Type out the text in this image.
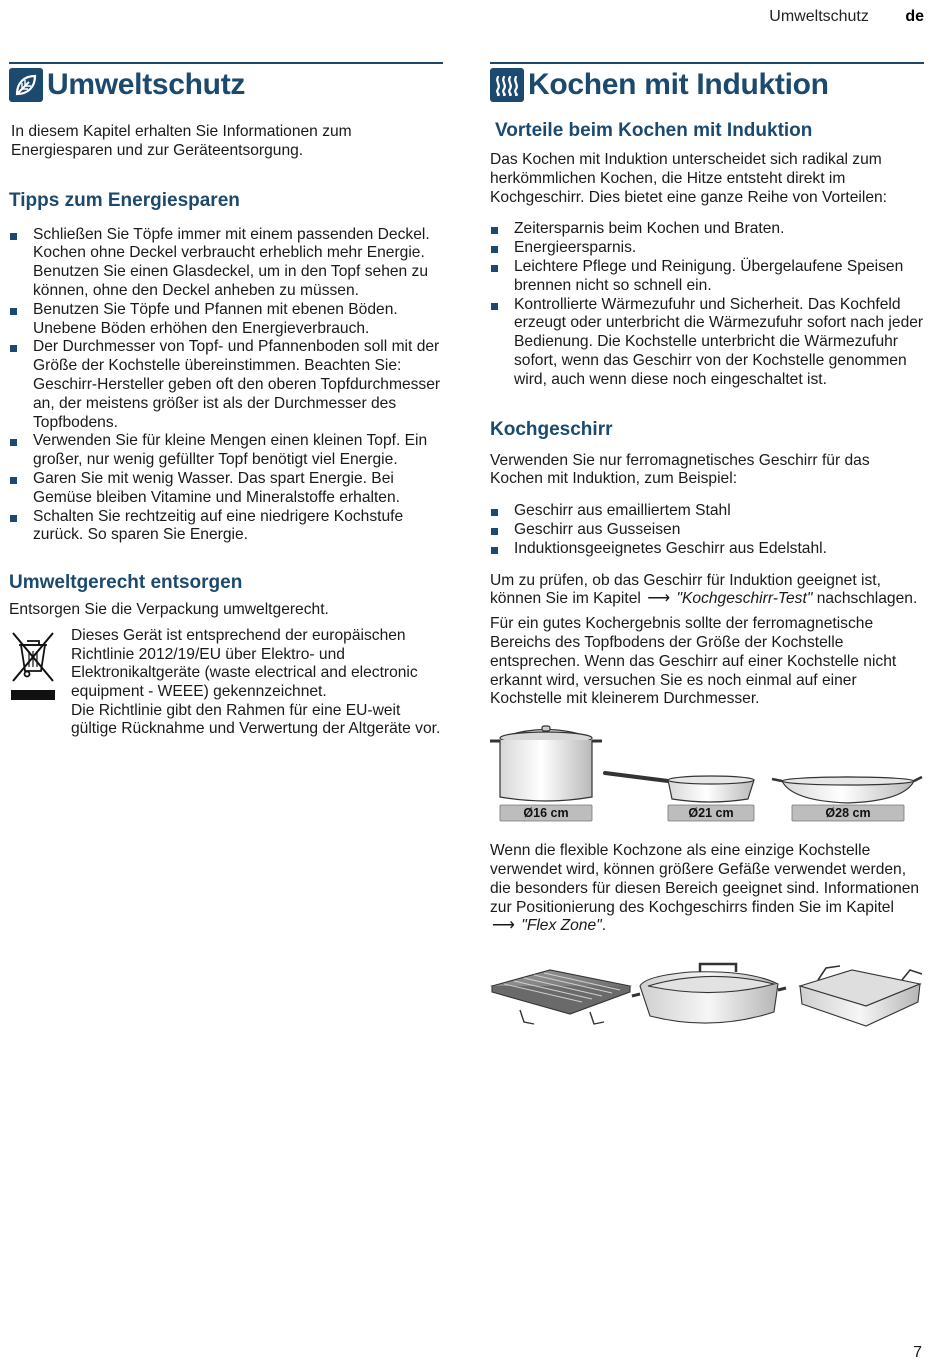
Umweltschutz de
Umweltschutz

In diesem Kapitel erhalten Sie Informationen zum Energiesparen und zur Geräteentsorgung.

Tipps zum Energiesparen
Schließen Sie Töpfe immer mit einem passenden Deckel. Kochen ohne Deckel verbraucht erheblich mehr Energie. Benutzen Sie einen Glasdeckel, um in den Topf sehen zu können, ohne den Deckel anheben zu müssen.
Benutzen Sie Töpfe und Pfannen mit ebenen Böden. Unebene Böden erhöhen den Energieverbrauch.
Der Durchmesser von Topf- und Pfannenboden soll mit der Größe der Kochstelle übereinstimmen. Beachten Sie: Geschirr-Hersteller geben oft den oberen Topfdurchmesser an, der meistens größer ist als der Durchmesser des Topfbodens.
Verwenden Sie für kleine Mengen einen kleinen Topf. Ein großer, nur wenig gefüllter Topf benötigt viel Energie.
Garen Sie mit wenig Wasser. Das spart Energie. Bei Gemüse bleiben Vitamine und Mineralstoffe erhalten.
Schalten Sie rechtzeitig auf eine niedrigere Kochstufe zurück. So sparen Sie Energie.
Umweltgerecht entsorgen

Entsorgen Sie die Verpackung umweltgerecht.

Dieses Gerät ist entsprechend der europäischen Richtlinie 2012/19/EU über Elektro- und Elektronikaltgeräte (waste electrical and electronic equipment - WEEE) gekennzeichnet.

Die Richtlinie gibt den Rahmen für eine EU-weit gültige Rücknahme und Verwertung der Altgeräte vor.

Kochen mit Induktion
Vorteile beim Kochen mit Induktion

Das Kochen mit Induktion unterscheidet sich radikal zum herkömmlichen Kochen, die Hitze entsteht direkt im Kochgeschirr. Dies bietet eine ganze Reihe von Vorteilen:

Zeitersparnis beim Kochen und Braten.
Energieersparnis.
Leichtere Pflege und Reinigung. Übergelaufene Speisen brennen nicht so schnell ein.
Kontrollierte Wärmezufuhr und Sicherheit. Das Kochfeld erzeugt oder unterbricht die Wärmezufuhr sofort nach jeder Bedienung. Die Kochstelle unterbricht die Wärmezufuhr sofort, wenn das Geschirr von der Kochstelle genommen wird, auch wenn diese noch eingeschaltet ist.
Kochgeschirr

Verwenden Sie nur ferromagnetisches Geschirr für das Kochen mit Induktion, zum Beispiel:

Geschirr aus emailliertem Stahl
Geschirr aus Gusseisen
Induktionsgeeignetes Geschirr aus Edelstahl.

Um zu prüfen, ob das Geschirr für Induktion geeignet ist, können Sie im Kapitel ⟶ "Kochgeschirr-Test" nachschlagen.

Für ein gutes Kochergebnis sollte der ferromagnetische Bereichs des Topfbodens der Größe der Kochstelle entsprechen. Wenn das Geschirr auf einer Kochstelle nicht erkannt wird, versuchen Sie es noch einmal auf einer Kochstelle mit kleinerem Durchmesser.

Ø16 cm	Ø21 cm	Ø28 cm

Wenn die flexible Kochzone als eine einzige Kochstelle verwendet wird, können größere Gefäße verwendet werden, die besonders für diesen Bereich geeignet sind. Informationen zur Positionierung des Kochgeschirrs finden Sie im Kapitel ⟶ "Flex Zone".

7
